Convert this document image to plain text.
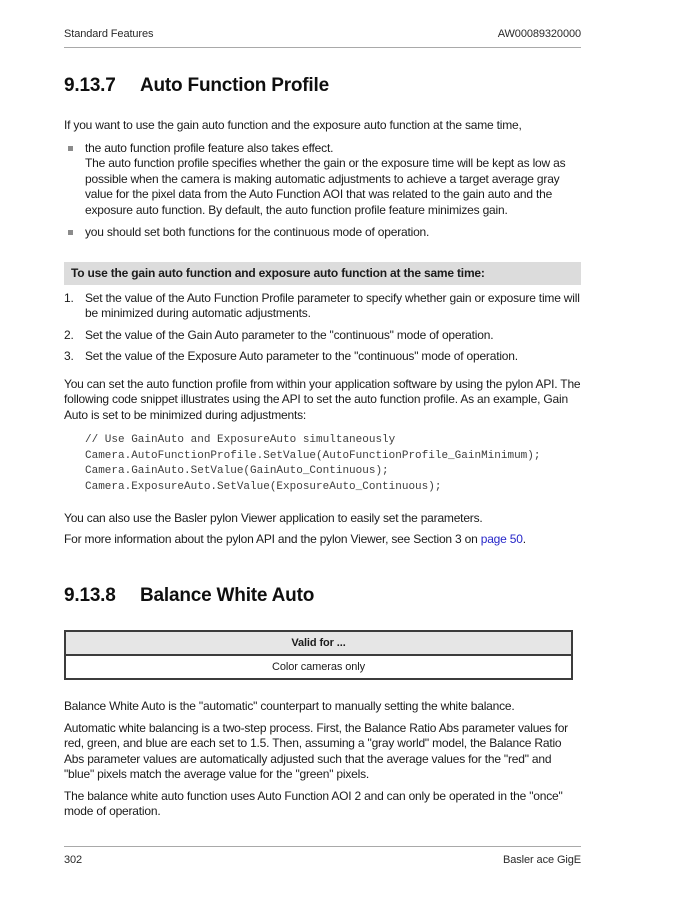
Standard Features	AW00089320000
9.13.7	Auto Function Profile

If you want to use the gain auto function and the exposure auto function at the same time,

the auto function profile feature also takes effect.
The auto function profile specifies whether the gain or the exposure time will be kept as low as possible when the camera is making automatic adjustments to achieve a target average gray value for the pixel data from the Auto Function AOI that was related to the gain auto and the exposure auto function. By default, the auto function profile feature minimizes gain.
you should set both functions for the continuous mode of operation.
To use the gain auto function and exposure auto function at the same time:
1. Set the value of the Auto Function Profile parameter to specify whether gain or exposure time will be minimized during automatic adjustments.
2. Set the value of the Gain Auto parameter to the "continuous" mode of operation.
3. Set the value of the Exposure Auto parameter to the "continuous" mode of operation.

You can set the auto function profile from within your application software by using the pylon API. The following code snippet illustrates using the API to set the auto function profile. As an example, Gain Auto is set to be minimized during adjustments:

// Use GainAuto and ExposureAuto simultaneously
Camera.AutoFunctionProfile.SetValue(AutoFunctionProfile_GainMinimum);
Camera.GainAuto.SetValue(GainAuto_Continuous);
Camera.ExposureAuto.SetValue(ExposureAuto_Continuous);

You can also use the Basler pylon Viewer application to easily set the parameters.

For more information about the pylon API and the pylon Viewer, see Section 3 on page 50.

9.13.8	Balance White Auto
Valid for ...
Color cameras only

Balance White Auto is the "automatic" counterpart to manually setting the white balance.

Automatic white balancing is a two-step process. First, the Balance Ratio Abs parameter values for red, green, and blue are each set to 1.5. Then, assuming a "gray world" model, the Balance Ratio Abs parameter values are automatically adjusted such that the average values for the "red" and "blue" pixels match the average value for the "green" pixels.

The balance white auto function uses Auto Function AOI 2 and can only be operated in the "once" mode of operation.

302	Basler ace GigE
